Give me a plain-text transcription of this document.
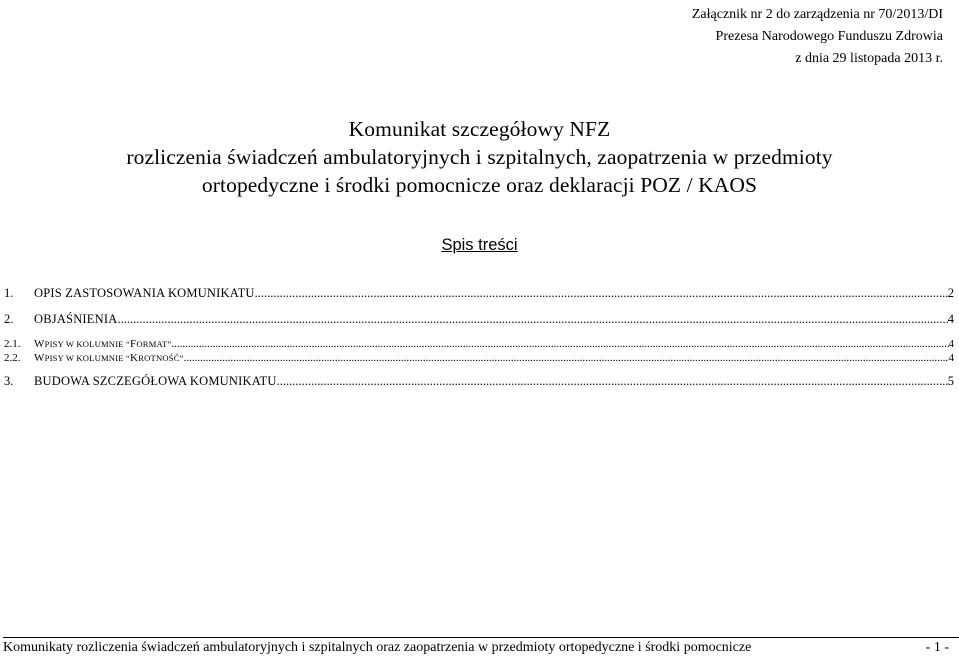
Załącznik nr 2 do zarządzenia nr 70/2013/DI
Prezesa Narodowego Funduszu Zdrowia
z dnia 29 listopada 2013 r.
Komunikat szczegółowy NFZ
rozliczenia świadczeń ambulatoryjnych i szpitalnych, zaopatrzenia w przedmioty
ortopedyczne i środki pomocnicze oraz deklaracji POZ / KAOS
Spis treści
1.	OPIS ZASTOSOWANIA KOMUNIKATU .....	2
2.	OBJAŚNIENIA .....	4
2.1.	WPISY W KOLUMNIE “FORMAT” .....	4
2.2.	WPISY W KOLUMNIE “KROTNOŚĆ” .....	4
3.	BUDOWA SZCZEGÓŁOWA KOMUNIKATU .....	5
Komunikaty rozliczenia świadczeń ambulatoryjnych i szpitalnych oraz zaopatrzenia w przedmioty ortopedyczne i środki pomocnicze	- 1 -
